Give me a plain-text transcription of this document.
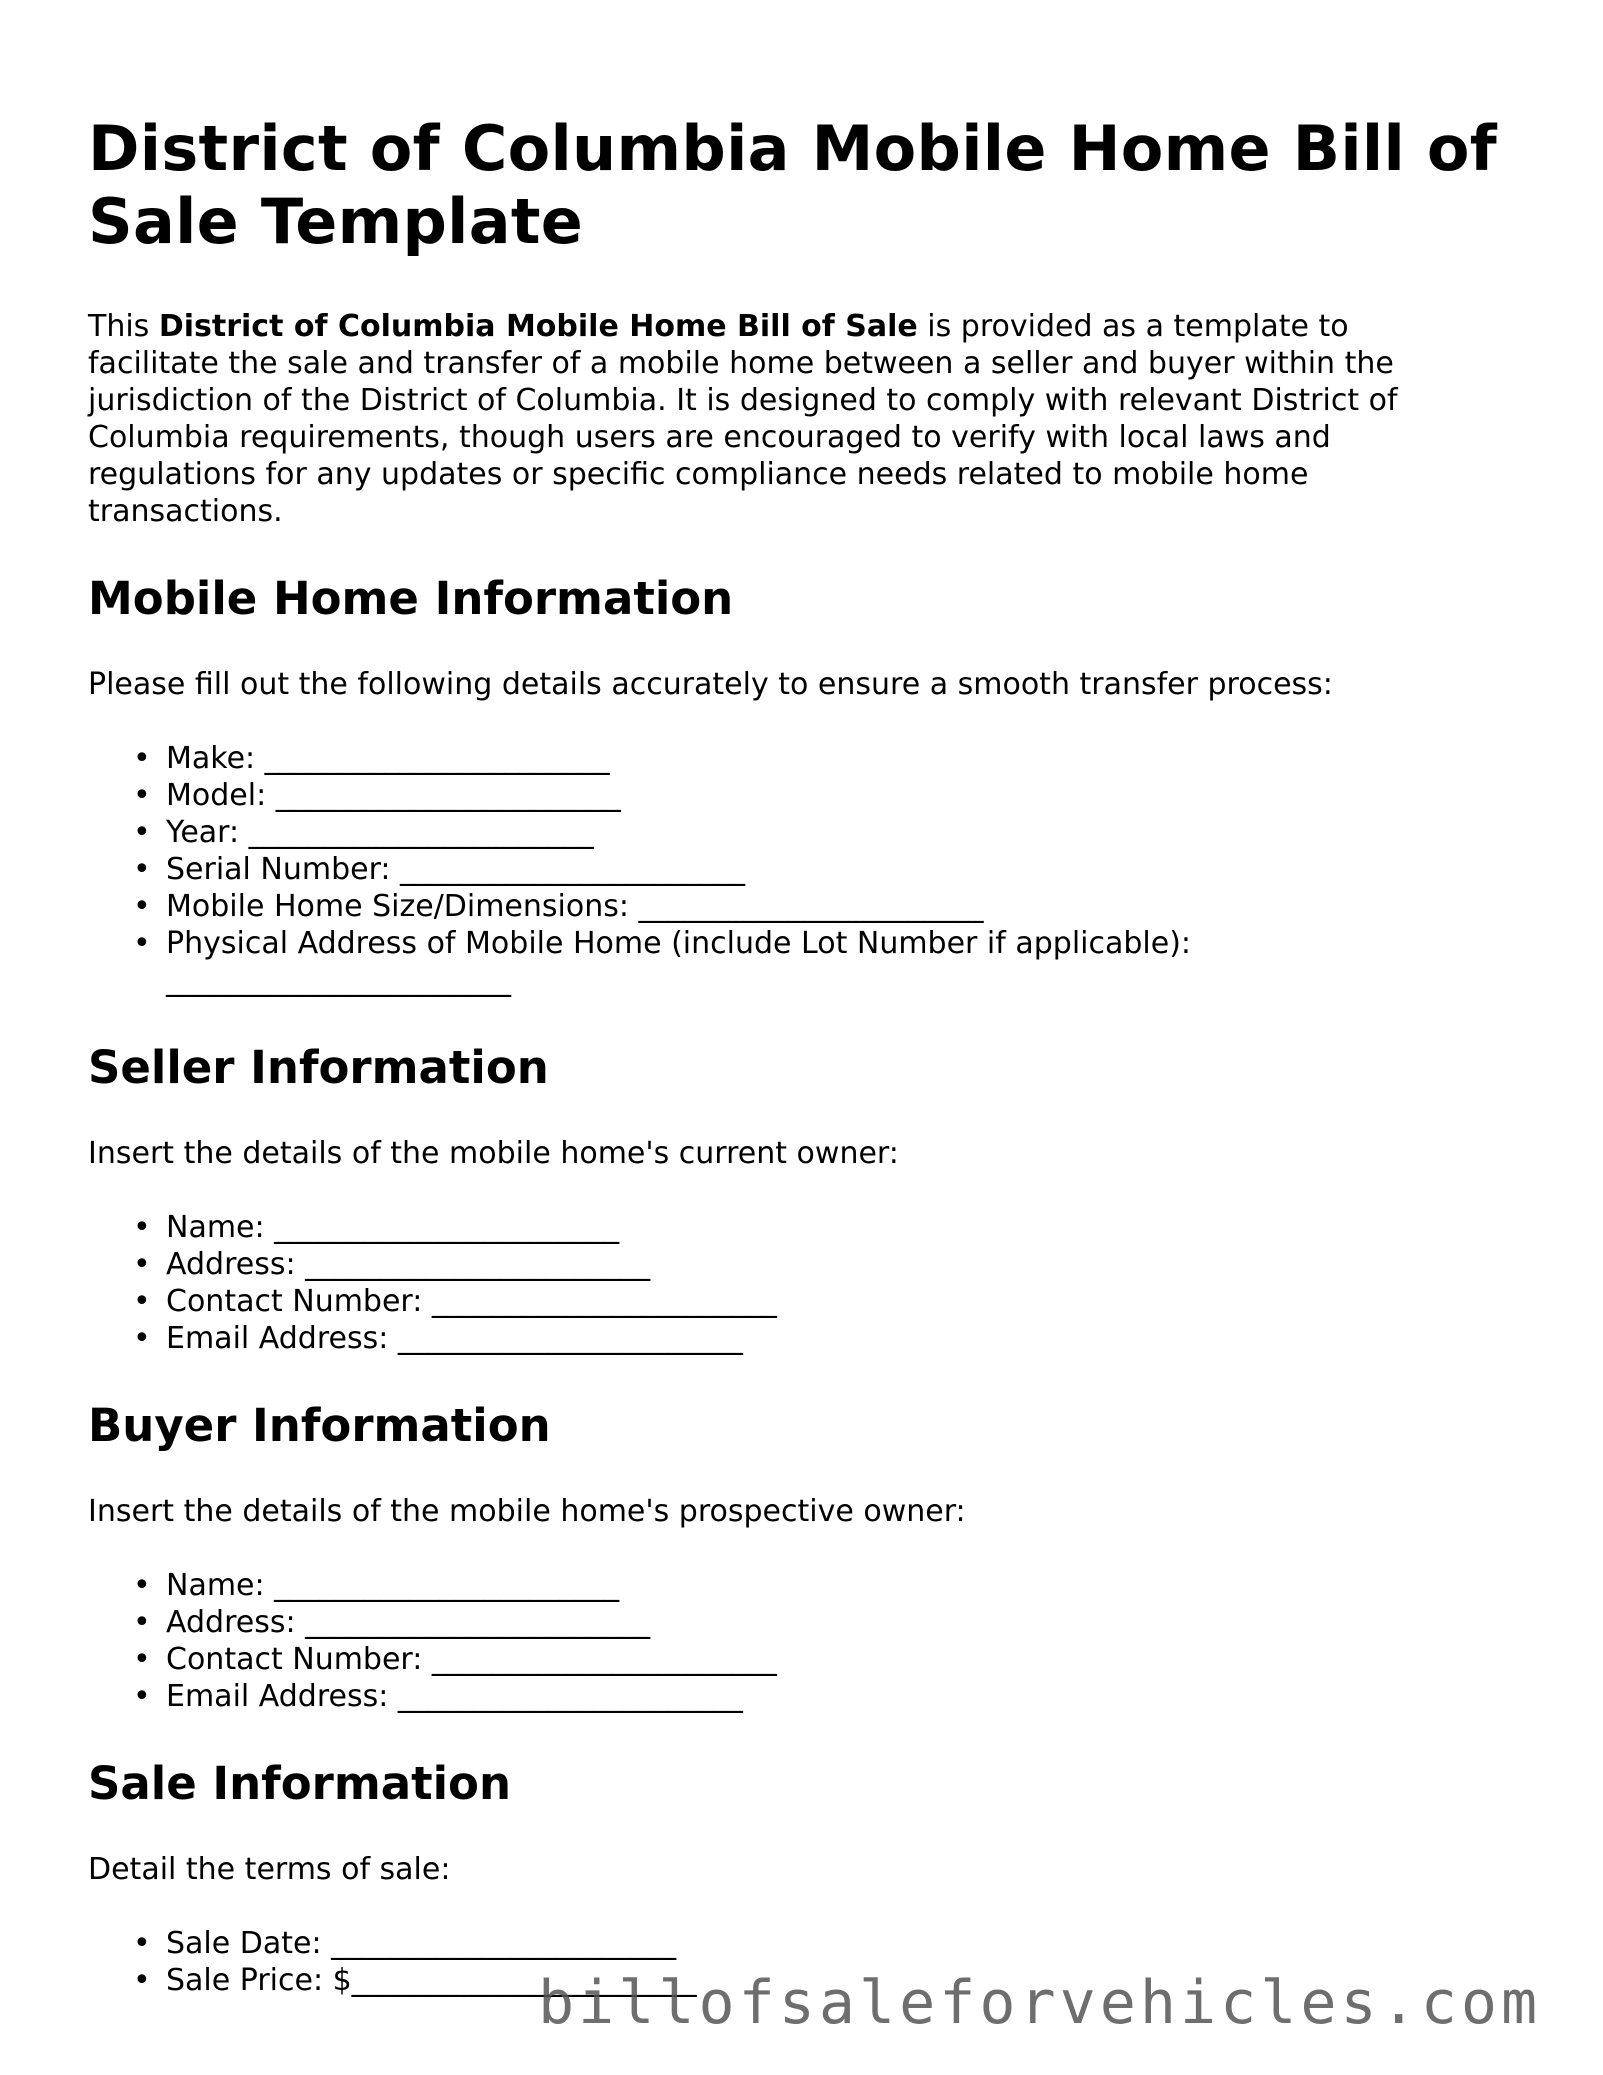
District of Columbia Mobile Home Bill of Sale Template

This District of Columbia Mobile Home Bill of Sale is provided as a template to facilitate the sale and transfer of a mobile home between a seller and buyer within the jurisdiction of the District of Columbia. It is designed to comply with relevant District of Columbia requirements, though users are encouraged to verify with local laws and regulations for any updates or specific compliance needs related to mobile home transactions.

Mobile Home Information

Please fill out the following details accurately to ensure a smooth transfer process:

• Make: _______________________
• Model: _______________________
• Year: _______________________
• Serial Number: _______________________
• Mobile Home Size/Dimensions: _______________________
• Physical Address of Mobile Home (include Lot Number if applicable): _______________________
Seller Information

Insert the details of the mobile home's current owner:

• Name: _______________________
• Address: _______________________
• Contact Number: _______________________
• Email Address: _______________________
Buyer Information

Insert the details of the mobile home's prospective owner:

• Name: _______________________
• Address: _______________________
• Contact Number: _______________________
• Email Address: _______________________
Sale Information

Detail the terms of sale:

• Sale Date: _______________________
• Sale Price: $_______________________
billofsaleforvehicles.com
